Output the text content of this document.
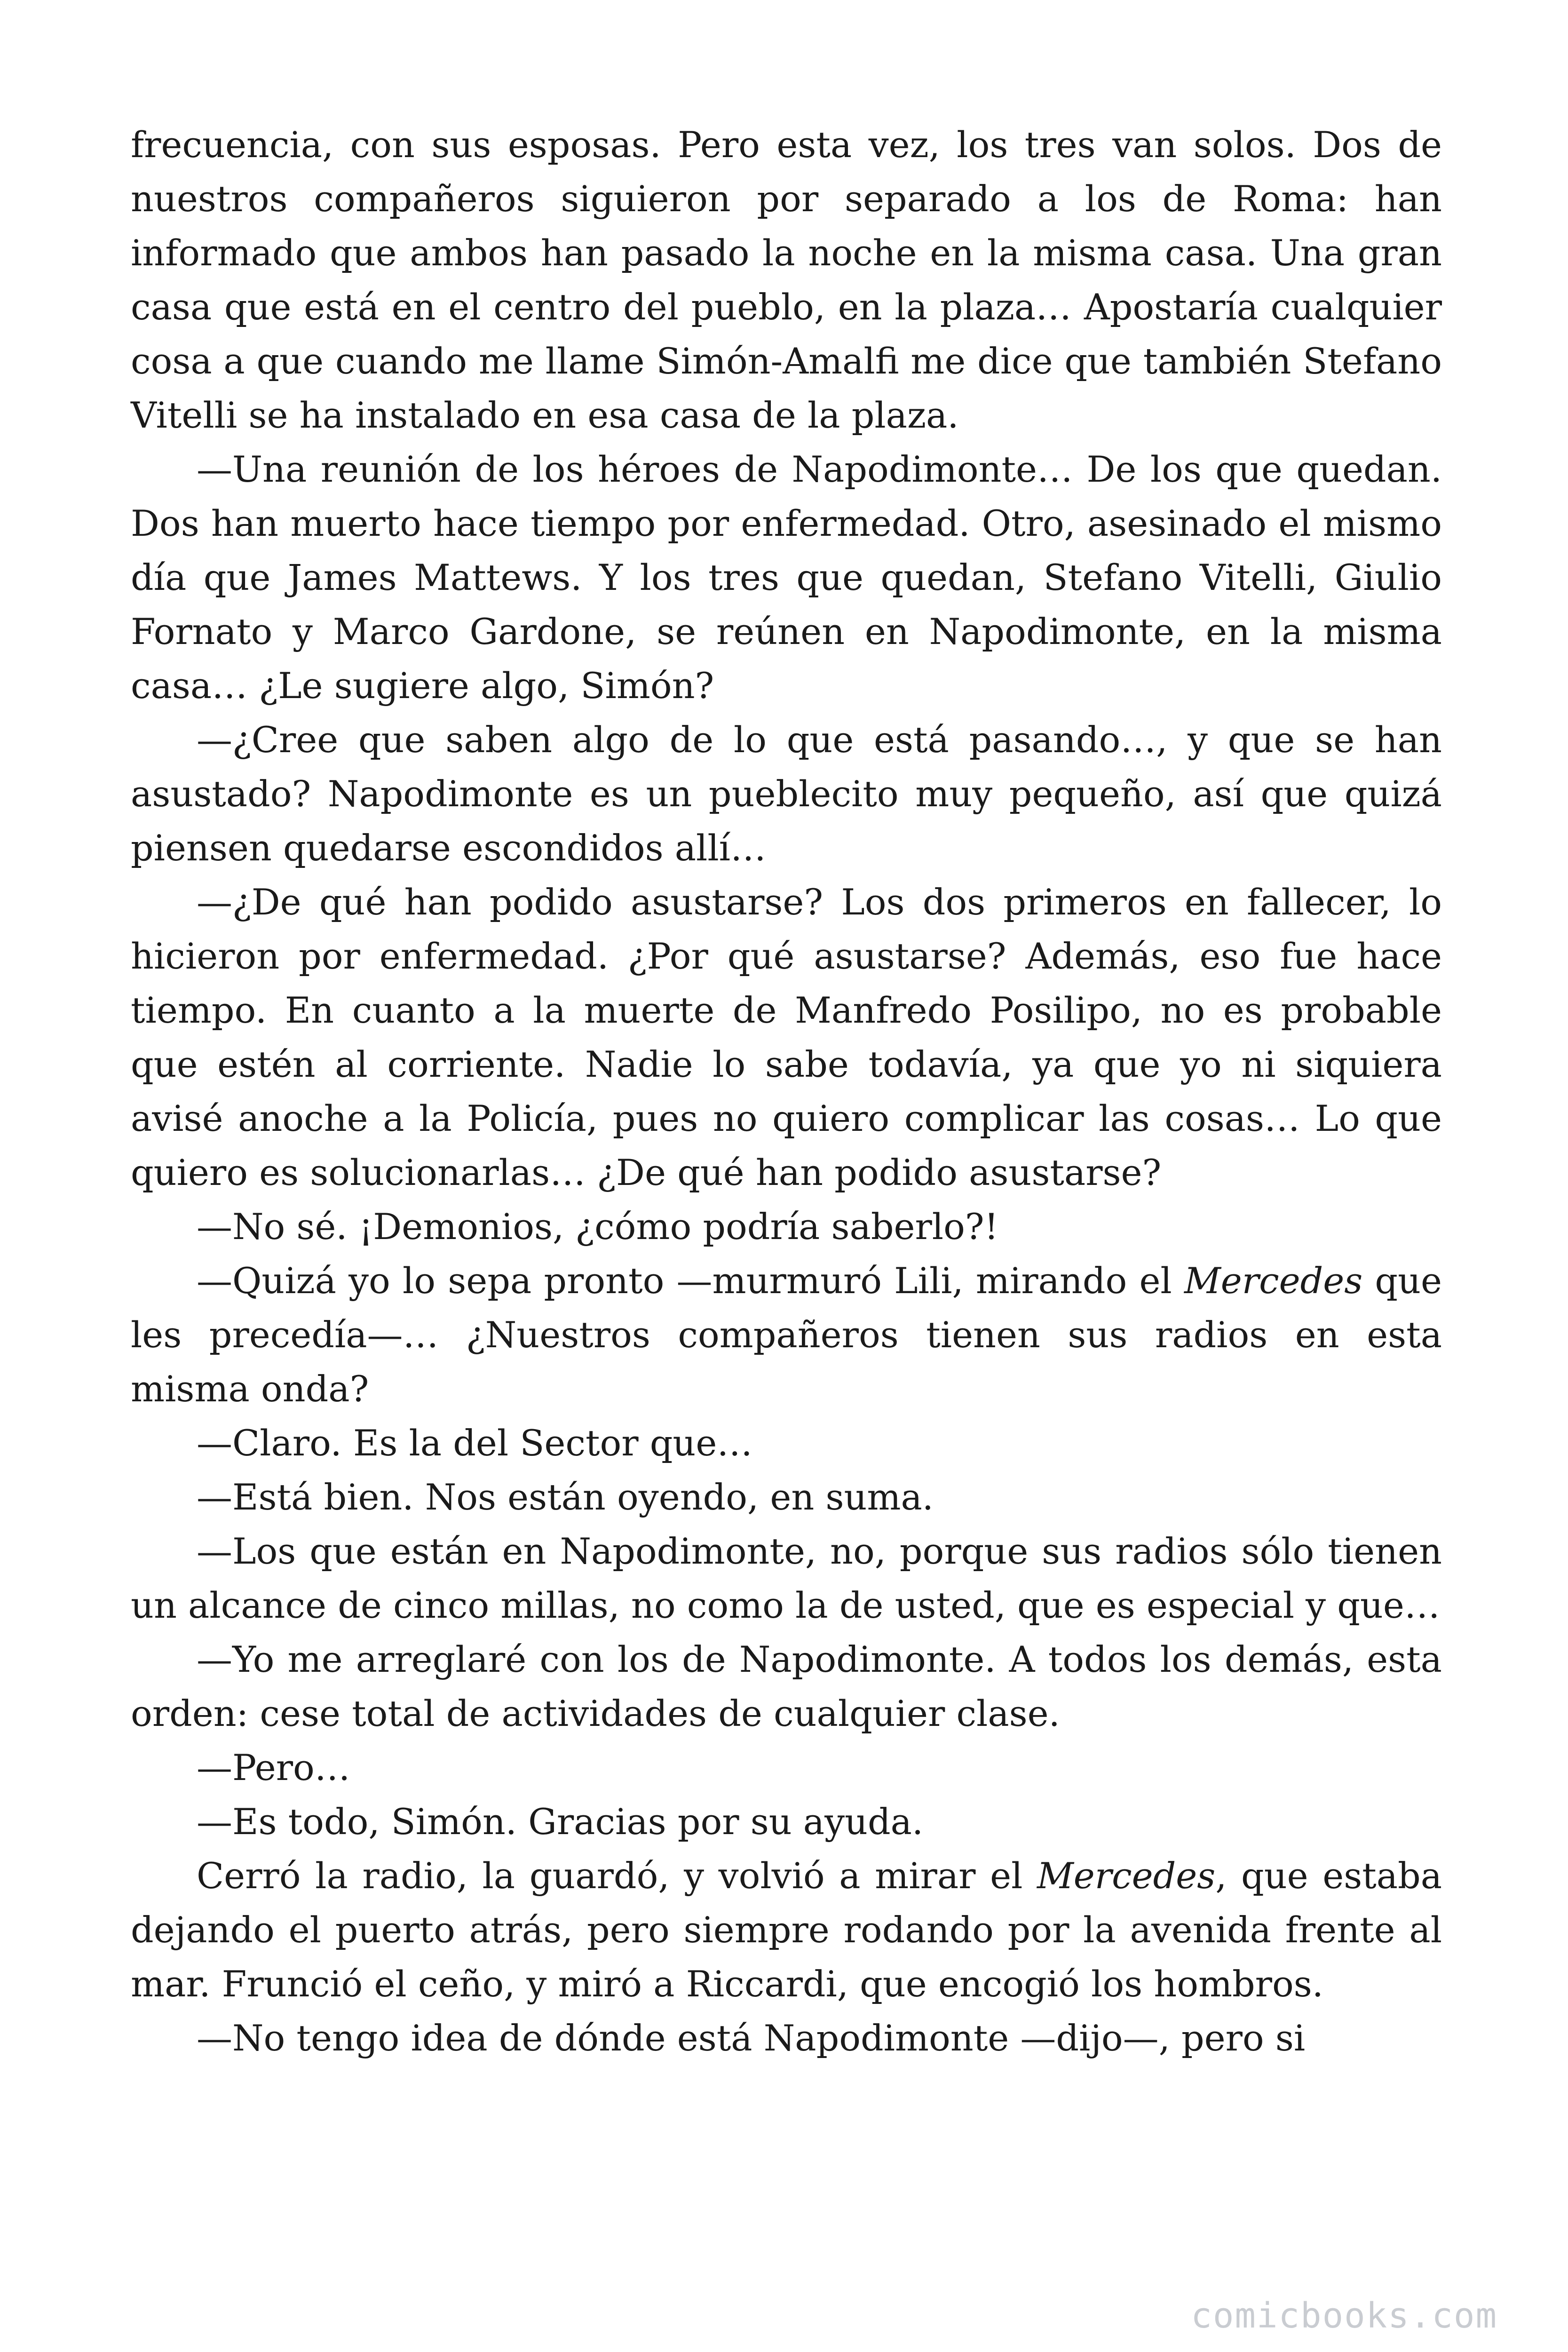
frecuencia, con sus esposas. Pero esta vez, los tres van solos. Dos de nuestros compañeros siguieron por separado a los de Roma: han informado que ambos han pasado la noche en la misma casa. Una gran casa que está en el centro del pueblo, en la plaza… Apostaría cualquier cosa a que cuando me llame Simón-Amalfi me dice que también Stefano Vitelli se ha instalado en esa casa de la plaza.

—Una reunión de los héroes de Napodimonte… De los que quedan. Dos han muerto hace tiempo por enfermedad. Otro, asesinado el mismo día que James Mattews. Y los tres que quedan, Stefano Vitelli, Giulio Fornato y Marco Gardone, se reúnen en Napodimonte, en la misma casa… ¿Le sugiere algo, Simón?

—¿Cree que saben algo de lo que está pasando…, y que se han asustado? Napodimonte es un pueblecito muy pequeño, así que quizá piensen quedarse escondidos allí…

—¿De qué han podido asustarse? Los dos primeros en fallecer, lo hicieron por enfermedad. ¿Por qué asustarse? Además, eso fue hace tiempo. En cuanto a la muerte de Manfredo Posilipo, no es probable que estén al corriente. Nadie lo sabe todavía, ya que yo ni siquiera avisé anoche a la Policía, pues no quiero complicar las cosas… Lo que quiero es solucionarlas… ¿De qué han podido asustarse?

—No sé. ¡Demonios, ¿cómo podría saberlo?!

—Quizá yo lo sepa pronto —murmuró Lili, mirando el Mercedes que les precedía—… ¿Nuestros compañeros tienen sus radios en esta misma onda?

—Claro. Es la del Sector que…

—Está bien. Nos están oyendo, en suma.

—Los que están en Napodimonte, no, porque sus radios sólo tienen un alcance de cinco millas, no como la de usted, que es especial y que…

—Yo me arreglaré con los de Napodimonte. A todos los demás, esta orden: cese total de actividades de cualquier clase.

—Pero…

—Es todo, Simón. Gracias por su ayuda.

Cerró la radio, la guardó, y volvió a mirar el Mercedes, que estaba dejando el puerto atrás, pero siempre rodando por la avenida frente al mar. Frunció el ceño, y miró a Riccardi, que encogió los hombros.

—No tengo idea de dónde está Napodimonte —dijo—, pero si

comicbooks.com
